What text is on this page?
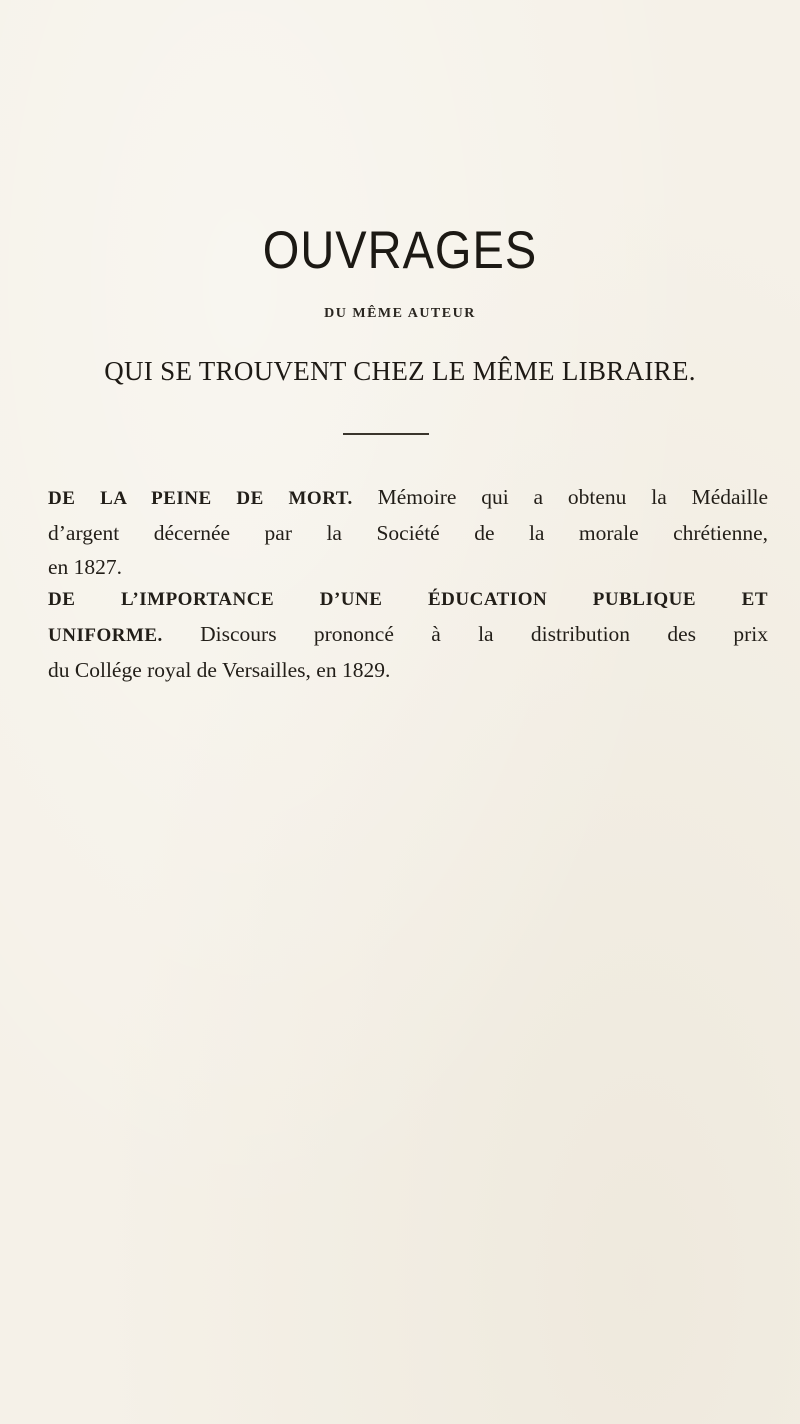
OUVRAGES
DU MÊME AUTEUR
QUI SE TROUVENT CHEZ LE MÊME LIBRAIRE.
DE LA PEINE DE MORT. Mémoire qui a obtenu la Médaille
d’argent décernée par la Société de la morale chrétienne,
en 1827.
DE L’IMPORTANCE D’UNE ÉDUCATION PUBLIQUE ET
UNIFORME. Discours prononcé à la distribution des prix
du Collége royal de Versailles, en 1829.
